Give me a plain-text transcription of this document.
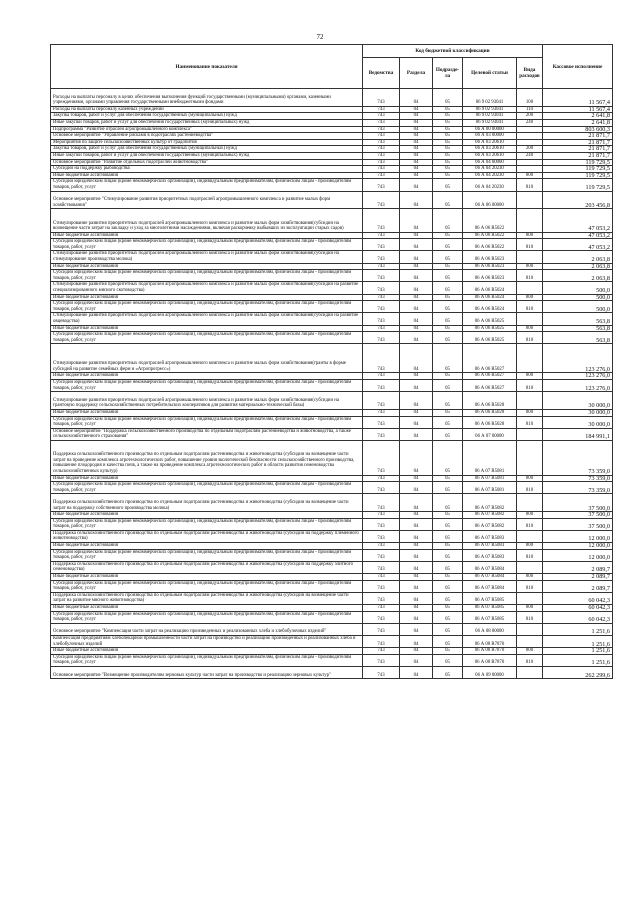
72
Наименование показателя	Код бюджетной классификации					Кассовое исполнение
	Ведомства	Раздела	Подразде- ла	Целевой статьи	Вида расходов	
Расходы на выплаты персоналу в целях обеспечения выполнения функций государственными (муниципальными) органами, казенными учреждениями, органами управления государственными внебюджетными фондами	743	04	05	06 9 02 93041	100	11 567,4
Расходы на выплаты персоналу казенных учреждений	743	04	05	06 9 02 93041	110	11 567,4
Закупка товаров, работ и услуг для обеспечения государственных (муниципальных) нужд	743	04	05	06 9 02 93041	200	2 641,8
Иные закупки товаров, работ и услуг для обеспечения государственных (муниципальных) нужд	743	04	05	06 9 02 93041	240	2 641,8
Подпрограмма "Развитие отраслей агропромышленного комплекса"	743	04	05	06 А 00 00000		803 600,3
Основное мероприятие "Управление рисками в подотраслях растениеводства"	743	04	05	06 А 03 00000		21 871,7
Мероприятия по защите сельскохозяйственных культур от градобития	743	04	05	06 А 03 20610		21 871,7
Закупка товаров, работ и услуг для обеспечения государственных (муниципальных) нужд	743	04	05	06 А 03 20610	200	21 871,7
Иные закупки товаров, работ и услуг для обеспечения государственных (муниципальных) нужд	743	04	05	06 А 03 20610	240	21 871,7
Основное мероприятие "Развитие отдельных подотраслей животноводства"	743	04	05	06 А 04 00000		119 729,5
Субсидии на поддержку рыбоводства	743	04	05	06 А 04 20230		119 729,5
Иные бюджетные ассигнования	743	04	05	06 А 04 20230	800	119 729,5
Субсидии юридическим лицам (кроме некоммерческих организаций), индивидуальным предпринимателям, физическим лицам - производителям товаров, работ, услуг	743	04	05	06 А 04 20230	810	119 729,5
Основное мероприятие "Стимулирование развития приоритетных подотраслей агропромышленного комплекса и развитие малых форм хозяйствования"	743	04	05	06 А 06 00000		203 456,8
Стимулирование развития приоритетных подотраслей агропромышленного комплекса и развитие малых форм хозяйствования(субсидии на возмещение части затрат на закладку и уход за многолетними насаждениями, включая раскорчевку выбывших из эксплуатации старых садов)	743	04	05	06 А 06 R5022		47 053,2
Иные бюджетные ассигнования	743	04	05	06 А 06 R5022	800	47 053,2
Субсидии юридическим лицам (кроме некоммерческих организаций), индивидуальным предпринимателям, физическим лицам - производителям товаров, работ, услуг	743	04	05	06 А 06 R5022	810	47 053,2
Стимулирование развития приоритетных подотраслей агропромышленного комплекса и развитие малых форм хозяйствования(субсидии на стимулирование производства молока)	743	04	05	06 А 06 R5023		2 063,8
Иные бюджетные ассигнования	743	04	05	06 А 06 R5023	800	2 063,8
Субсидии юридическим лицам (кроме некоммерческих организаций), индивидуальным предпринимателям, физическим лицам - производителям товаров, работ, услуг	743	04	05	06 А 06 R5023	810	2 063,8
Стимулирование развития приоритетных подотраслей агропромышленного комплекса и развитие малых форм хозяйствования(субсидии на развитие специализированного мясного скотоводства)	743	04	05	06 А 06 R5024		500,0
Иные бюджетные ассигнования	743	04	05	06 А 06 R5024	800	500,0
Субсидии юридическим лицам (кроме некоммерческих организаций), индивидуальным предпринимателям, физическим лицам - производителям товаров, работ, услуг	743	04	05	06 А 06 R5024	810	500,0
Стимулирование развития приоритетных подотраслей агропромышленного комплекса и развитие малых форм хозяйствования(субсидии на развитие овцеводства)	743	04	05	06 А 06 R5025		563,8
Иные бюджетные ассигнования	743	04	05	06 А 06 R5025	800	563,8
Субсидии юридическим лицам (кроме некоммерческих организаций), индивидуальным предпринимателям, физическим лицам - производителям товаров, работ, услуг	743	04	05	06 А 06 R5025	810	563,8
Стимулирование развития приоритетных подотраслей агропромышленного комплекса и развитие малых форм хозяйствования(гранты в форме субсидий на развитие семейных ферм и «Агропрогресс»)	743	04	05	06 А 06 R5027		123 276,0
Иные бюджетные ассигнования	743	04	05	06 А 06 R5027	800	123 276,0
Субсидии юридическим лицам (кроме некоммерческих организаций), индивидуальным предпринимателям, физическим лицам - производителям товаров, работ, услуг	743	04	05	06 А 06 R5027	810	123 276,0
Стимулирование развития приоритетных подотраслей агропромышленного комплекса и развитие малых форм хозяйствования(субсидии на грантовую поддержку сельскохозяйственных потребительских кооперативов для развития материально-технической базы)	743	04	05	06 А 06 R5028		30 000,0
Иные бюджетные ассигнования	743	04	05	06 А 06 R5028	800	30 000,0
Субсидии юридическим лицам (кроме некоммерческих организаций), индивидуальным предпринимателям, физическим лицам - производителям товаров, работ, услуг	743	04	05	06 А 06 R5028	810	30 000,0
Основное мероприятие "Поддержка сельскохозяйственного производства по отдельным подотраслям растениеводства и животноводства, а также сельскохозяйственного страхования"	743	04	05	06 А 07 00000		184 991,1
Поддержка сельскохозяйственного производства по отдельным подотраслям растениеводства и животноводства (субсидии на возмещение части затрат на проведение комплекса агротехнологических работ, повышение уровня экологической безопасности сельскохозяйственного производства, повышение плодородия и качества почв, а также на проведение комплекса агротехнологических работ в области развития семеноводства сельскохозяйственных культур)	743	04	05	06 А 07 R5081		73 359,0
Иные бюджетные ассигнования	743	04	05	06 А 07 R5081	800	73 359,0
Субсидии юридическим лицам (кроме некоммерческих организаций), индивидуальным предпринимателям, физическим лицам - производителям товаров, работ, услуг	743	04	05	06 А 07 R5081	810	73 359,0
Поддержка сельскохозяйственного производства по отдельным подотраслям растениеводства и животноводства (субсидии на возмещение части затрат на поддержку собственного производства молока)	743	04	05	06 А 07 R5082		37 500,0
Иные бюджетные ассигнования	743	04	05	06 А 07 R5082	800	37 500,0
Субсидии юридическим лицам (кроме некоммерческих организаций), индивидуальным предпринимателям, физическим лицам - производителям товаров, работ, услуг	743	04	05	06 А 07 R5082	810	37 500,0
Поддержка сельскохозяйственного производства по отдельным подотраслям растениеводства и животноводства (субсидии на поддержку племенного животноводства)	743	04	05	06 А 07 R5083		12 000,0
Иные бюджетные ассигнования	743	04	05	06 А 07 R5083	800	12 000,0
Субсидии юридическим лицам (кроме некоммерческих организаций), индивидуальным предпринимателям, физическим лицам - производителям товаров, работ, услуг	743	04	05	06 А 07 R5083	810	12 000,0
Поддержка сельскохозяйственного производства по отдельным подотраслям растениеводства и животноводства (субсидии на поддержку элитного семеноводства)	743	04	05	06 А 07 R5084		2 089,7
Иные бюджетные ассигнования	743	04	05	06 А 07 R5084	800	2 089,7
Субсидии юридическим лицам (кроме некоммерческих организаций), индивидуальным предпринимателям, физическим лицам - производителям товаров, работ, услуг	743	04	05	06 А 07 R5084	810	2 089,7
Поддержка сельскохозяйственного производства по отдельным подотраслям растениеводства и животноводства (субсидии на возмещение части затрат на развитие мясного животноводства)	743	04	05	06 А 07 R5085		60 042,3
Иные бюджетные ассигнования	743	04	05	06 А 07 R5085	800	60 042,3
Субсидии юридическим лицам (кроме некоммерческих организаций), индивидуальным предпринимателям, физическим лицам - производителям товаров, работ, услуг	743	04	05	06 А 07 R5085	810	60 042,3
Основное мероприятие "Компенсация части затрат на реализацию произведенных и реализованных хлеба и хлебобулочных изделий"	743	04	05	06 А 08 00000		1 251,6
Компенсация предприятиям хлебопекарной промышленности части затрат на производство и реализацию произведенных и реализованных хлеба и хлебобулочных изделий	743	04	05	06 А 08 R7870		1 251,6
Иные бюджетные ассигнования	743	04	05	06 А 08 R7870	800	1 251,6
Субсидии юридическим лицам (кроме некоммерческих организаций), индивидуальным предпринимателям, физическим лицам - производителям товаров, работ, услуг	743	04	05	06 А 08 R7870	810	1 251,6
Основное мероприятие "Возмещение производителям зерновых культур части затрат на производство и реализацию зерновых культур"	743	04	05	06 А 09 00000		262 299,6
